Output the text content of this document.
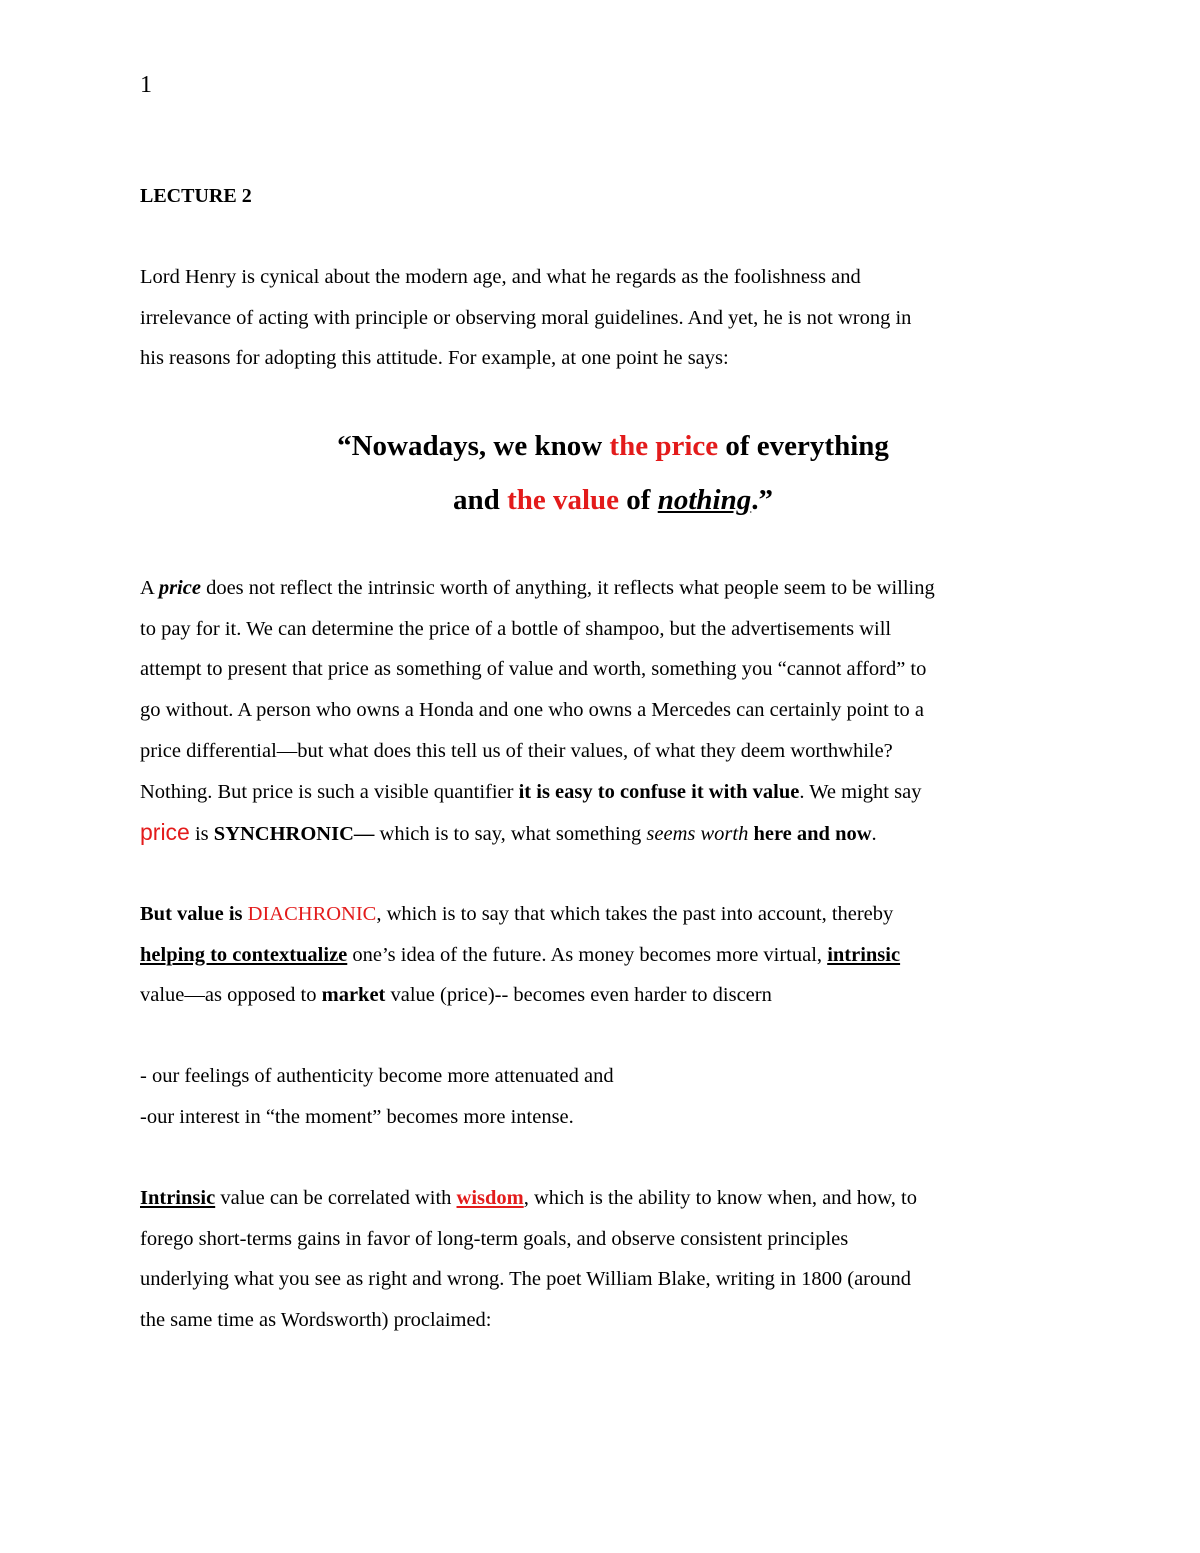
1
LECTURE 2

Lord Henry is cynical about the modern age, and what he regards as the foolishness and
irrelevance of acting with principle or observing moral guidelines. And yet, he is not wrong in
his reasons for adopting this attitude. For example, at one point he says:

“Nowadays, we know the price of everything
and the value of nothing.”

A price does not reflect the intrinsic worth of anything, it reflects what people seem to be willing
to pay for it. We can determine the price of a bottle of shampoo, but the advertisements will
attempt to present that price as something of value and worth, something you “cannot afford” to
go without. A person who owns a Honda and one who owns a Mercedes can certainly point to a
price differential—but what does this tell us of their values, of what they deem worthwhile?
Nothing. But price is such a visible quantifier it is easy to confuse it with value. We might say
price is SYNCHRONIC— which is to say, what something seems worth here and now.

But value is DIACHRONIC, which is to say that which takes the past into account, thereby
helping to contextualize one’s idea of the future. As money becomes more virtual, intrinsic
value—as opposed to market value (price)-- becomes even harder to discern

- our feelings of authenticity become more attenuated and
-our interest in “the moment” becomes more intense.

Intrinsic value can be correlated with wisdom, which is the ability to know when, and how, to
forego short-terms gains in favor of long-term goals, and observe consistent principles
underlying what you see as right and wrong. The poet William Blake, writing in 1800 (around
the same time as Wordsworth) proclaimed:
